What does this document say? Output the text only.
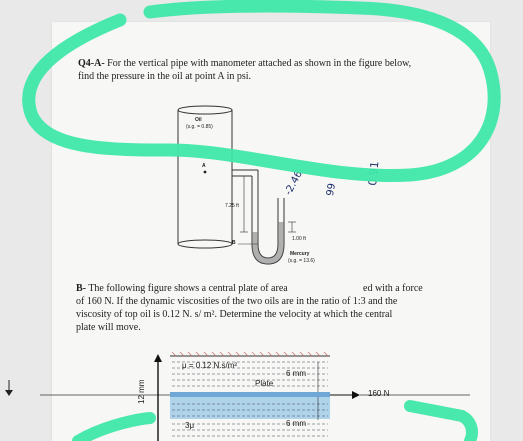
Q4-A- For the vertical pipe with manometer attached as shown in the figure below,
find the pressure in the oil at point A in psi.
Oil
(s.g. = 0.85)
A
7.25 ft
1.00 ft
Mercury
(s.g. = 13.6)
B
-2.46 99
0.91
B- The following figure shows a central plate of area	ed with a force
of 160 N. If the dynamic viscosities of the two oils are in the ratio of 1:3 and the
viscosity of top oil is 0.12 N. s/ m². Determine the velocity at which the central
plate will move.
μ = 0.12 N.s/m²
Plate
6 mm
6 mm
3μ
12 mm	160 N
